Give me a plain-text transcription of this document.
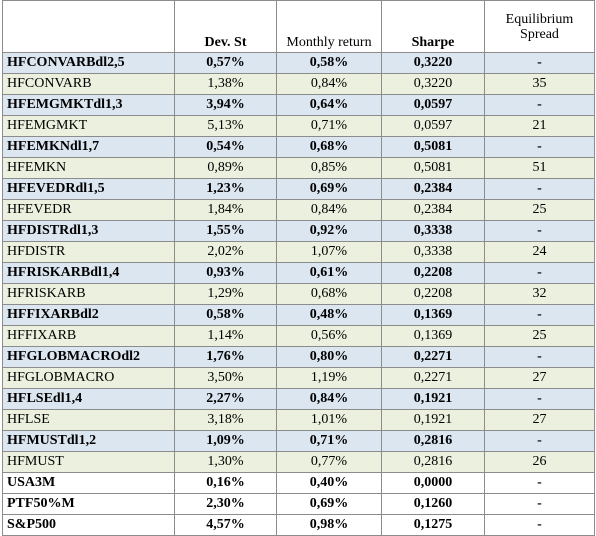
	Dev. St	Monthly return	Sharpe	Equilibrium
Spread
HFCONVARBdl2,5	0,57%	0,58%	0,3220	-
HFCONVARB	1,38%	0,84%	0,3220	35
HFEMGMKTdl1,3	3,94%	0,64%	0,0597	-
HFEMGMKT	5,13%	0,71%	0,0597	21
HFEMKNdl1,7	0,54%	0,68%	0,5081	-
HFEMKN	0,89%	0,85%	0,5081	51
HFEVEDRdl1,5	1,23%	0,69%	0,2384	-
HFEVEDR	1,84%	0,84%	0,2384	25
HFDISTRdl1,3	1,55%	0,92%	0,3338	-
HFDISTR	2,02%	1,07%	0,3338	24
HFRISKARBdl1,4	0,93%	0,61%	0,2208	-
HFRISKARB	1,29%	0,68%	0,2208	32
HFFIXARBdl2	0,58%	0,48%	0,1369	-
HFFIXARB	1,14%	0,56%	0,1369	25
HFGLOBMACROdl2	1,76%	0,80%	0,2271	-
HFGLOBMACRO	3,50%	1,19%	0,2271	27
HFLSEdl1,4	2,27%	0,84%	0,1921	-
HFLSE	3,18%	1,01%	0,1921	27
HFMUSTdl1,2	1,09%	0,71%	0,2816	-
HFMUST	1,30%	0,77%	0,2816	26
USA3M	0,16%	0,40%	0,0000	-
PTF50%M	2,30%	0,69%	0,1260	-
S&P500	4,57%	0,98%	0,1275	-
